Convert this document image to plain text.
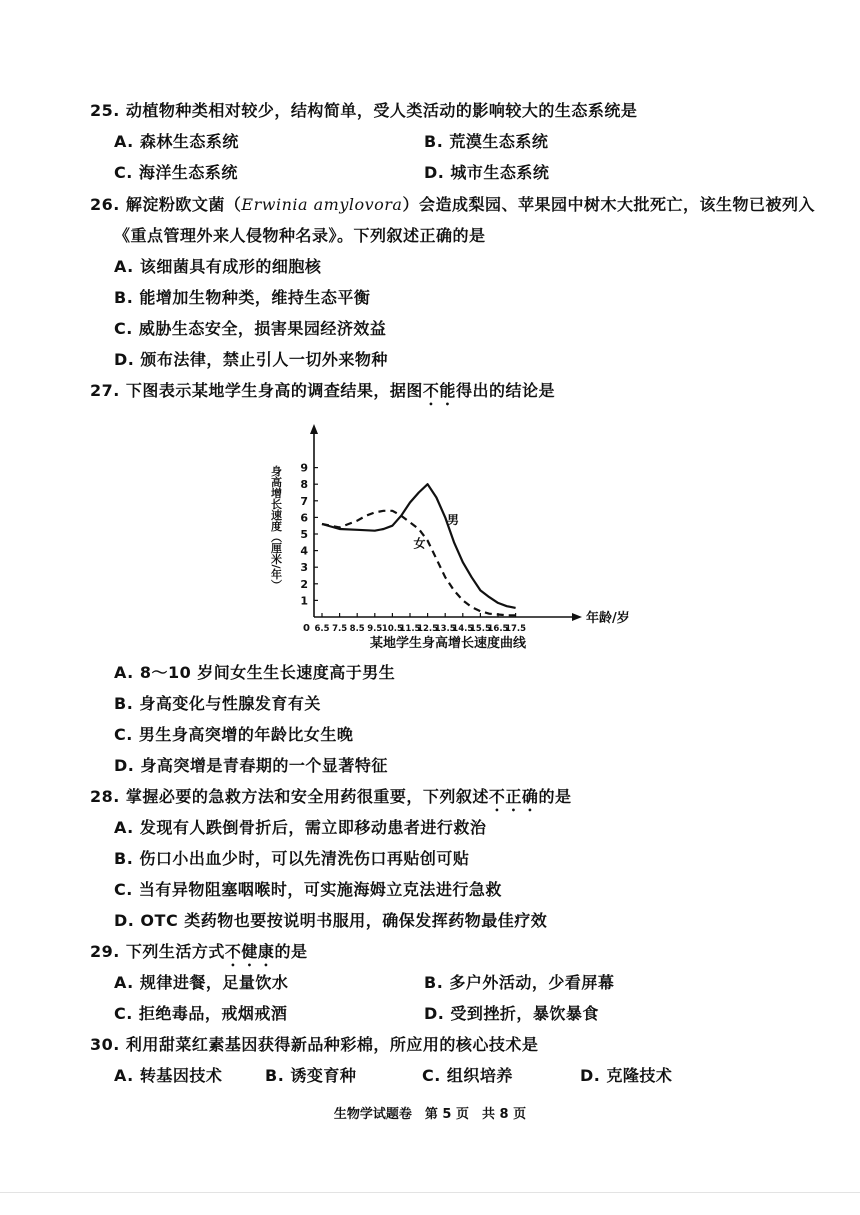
25. 动植物种类相对较少，结构简单，受人类活动的影响较大的生态系统是
A. 森林生态系统	B. 荒漠生态系统
C. 海洋生态系统	D. 城市生态系统
26. 解淀粉欧文菌（Erwinia amylovora）会造成梨园、苹果园中树木大批死亡，该生物已被列入
《重点管理外来人侵物种名录》。下列叙述正确的是
A. 该细菌具有成形的细胞核
B. 能增加生物种类，维持生态平衡
C. 威胁生态安全，损害果园经济效益
D. 颁布法律，禁止引人一切外来物种
27. 下图表示某地学生身高的调查结果，据图不能得出的结论是
1
2
3
4
5
6
7
8
9
0 6.5 7.5 8.5 9.5 10.5
11.5
12.5
13.5
14.5
15.5
16.5
17.5
年龄/岁
身高增长速度（厘米/年）	男
女
某地学生身高增长速度曲线
A. 8～10 岁间女生生长速度高于男生
B. 身高变化与性腺发育有关
C. 男生身高突增的年龄比女生晚
D. 身高突增是青春期的一个显著特征
28. 掌握必要的急救方法和安全用药很重要，下列叙述不正确的是
A. 发现有人跌倒骨折后，需立即移动患者进行救治
B. 伤口小出血少时，可以先清洗伤口再贴创可贴
C. 当有异物阻塞咽喉时，可实施海姆立克法进行急救
D. OTC 类药物也要按说明书服用，确保发挥药物最佳疗效
29. 下列生活方式不健康的是
A. 规律进餐，足量饮水	B. 多户外活动，少看屏幕
C. 拒绝毒品，戒烟戒酒	D. 受到挫折，暴饮暴食
30. 利用甜菜红素基因获得新品种彩棉，所应用的核心技术是
A. 转基因技术	B. 诱变育种	C. 组织培养	D. 克隆技术
生物学试题卷　第 5 页　共 8 页
